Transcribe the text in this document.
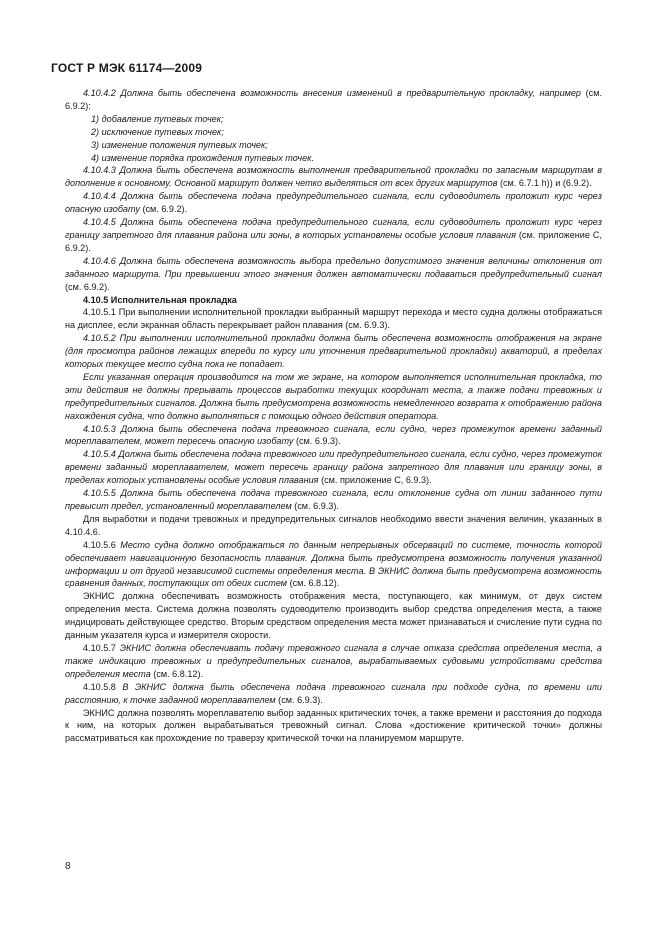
ГОСТ Р МЭК 61174—2009

4.10.4.2 Должна быть обеспечена возможность внесения изменений в предварительную прокладку, например (см. 6.9.2):

1) добавление путевых точек;

2) исключение путевых точек;

3) изменение положения путевых точек;

4) изменение порядка прохождения путевых точек.

4.10.4.3 Должна быть обеспечена возможность выполнения предварительной прокладки по запасным маршрутам в дополнение к основному. Основной маршрут должен четко выделяться от всех других маршрутов (см. 6.7.1 h)) и (6.9.2).

4.10.4.4 Должна быть обеспечена подача предупредительного сигнала, если судоводитель проложит курс через опасную изобату (см. 6.9.2).

4.10.4.5 Должна быть обеспечена подача предупредительного сигнала, если судоводитель проложит курс через границу запретного для плавания района или зоны, в которых установлены особые условия плавания (см. приложение С, 6.9.2).

4.10.4.6 Должна быть обеспечена возможность выбора предельно допустимого значения величины отклонения от заданного маршрута. При превышении этого значения должен автоматически подаваться предупредительный сигнал (см. 6.9.2).

4.10.5 Исполнительная прокладка

4.10.5.1 При выполнении исполнительной прокладки выбранный маршрут перехода и место судна должны отображаться на дисплее, если экранная область перекрывает район плавания (см. 6.9.3).

4.10.5.2 При выполнении исполнительной прокладки должна быть обеспечена возможность отображения на экране (для просмотра районов лежащих впереди по курсу или уточнения предварительной прокладки) акваторий, в пределах которых текущее место судна пока не попадает.

Если указанная операция производится на том же экране, на котором выполняется исполнительная прокладка, то эти действия не должны прерывать процессов выработки текущих координат места, а также подачи тревожных и предупредительных сигналов. Должна быть предусмотрена возможность немедленного возврата к отображению района нахождения судна, что должно выполняться с помощью одного действия оператора.

4.10.5.3 Должна быть обеспечена подача тревожного сигнала, если судно, через промежуток времени заданный мореплавателем, может пересечь опасную изобату (см. 6.9.3).

4.10.5.4 Должна быть обеспечена подача тревожного или предупредительного сигнала, если судно, через промежуток времени заданный мореплавателем, может пересечь границу района запретного для плавания или границу зоны, в пределах которых установлены особые условия плавания (см. приложение С, 6.9.3).

4.10.5.5 Должна быть обеспечена подача тревожного сигнала, если отклонение судна от линии заданного пути превысит предел, установленный мореплавателем (см. 6.9.3).

Для выработки и подачи тревожных и предупредительных сигналов необходимо ввести значения величин, указанных в 4.10.4.6.

4.10.5.6 Место судна должно отображаться по данным непрерывных обсерваций по системе, точность которой обеспечивает навигационную безопасность плавания. Должна быть предусмотрена возможность получения указанной информации и от другой независимой системы определения места. В ЭКНИС должна быть предусмотрена возможность сравнения данных, поступающих от обеих систем (см. 6.8.12).

ЭКНИС должна обеспечивать возможность отображения места, поступающего, как минимум, от двух систем определения места. Система должна позволять судоводителю производить выбор средства определения места, а также индицировать действующее средство. Вторым средством определения места может признаваться и счисление пути судна по данным указателя курса и измерителя скорости.

4.10.5.7 ЭКНИС должна обеспечивать подачу тревожного сигнала в случае отказа средства определения места, а также индикацию тревожных и предупредительных сигналов, вырабатываемых судовыми устройствами средства определения места (см. 6.8.12).

4.10.5.8 В ЭКНИС должна быть обеспечена подача тревожного сигнала при подходе судна, по времени или расстоянию, к точке заданной мореплавателем (см. 6.9.3).

ЭКНИС должна позволять мореплавателю выбор заданных критических точек, а также времени и расстояния до подхода к ним, на которых должен вырабатываться тревожный сигнал. Слова «достижение критической точки» должны рассматриваться как прохождение по траверзу критической точки на планируемом маршруте.

8
